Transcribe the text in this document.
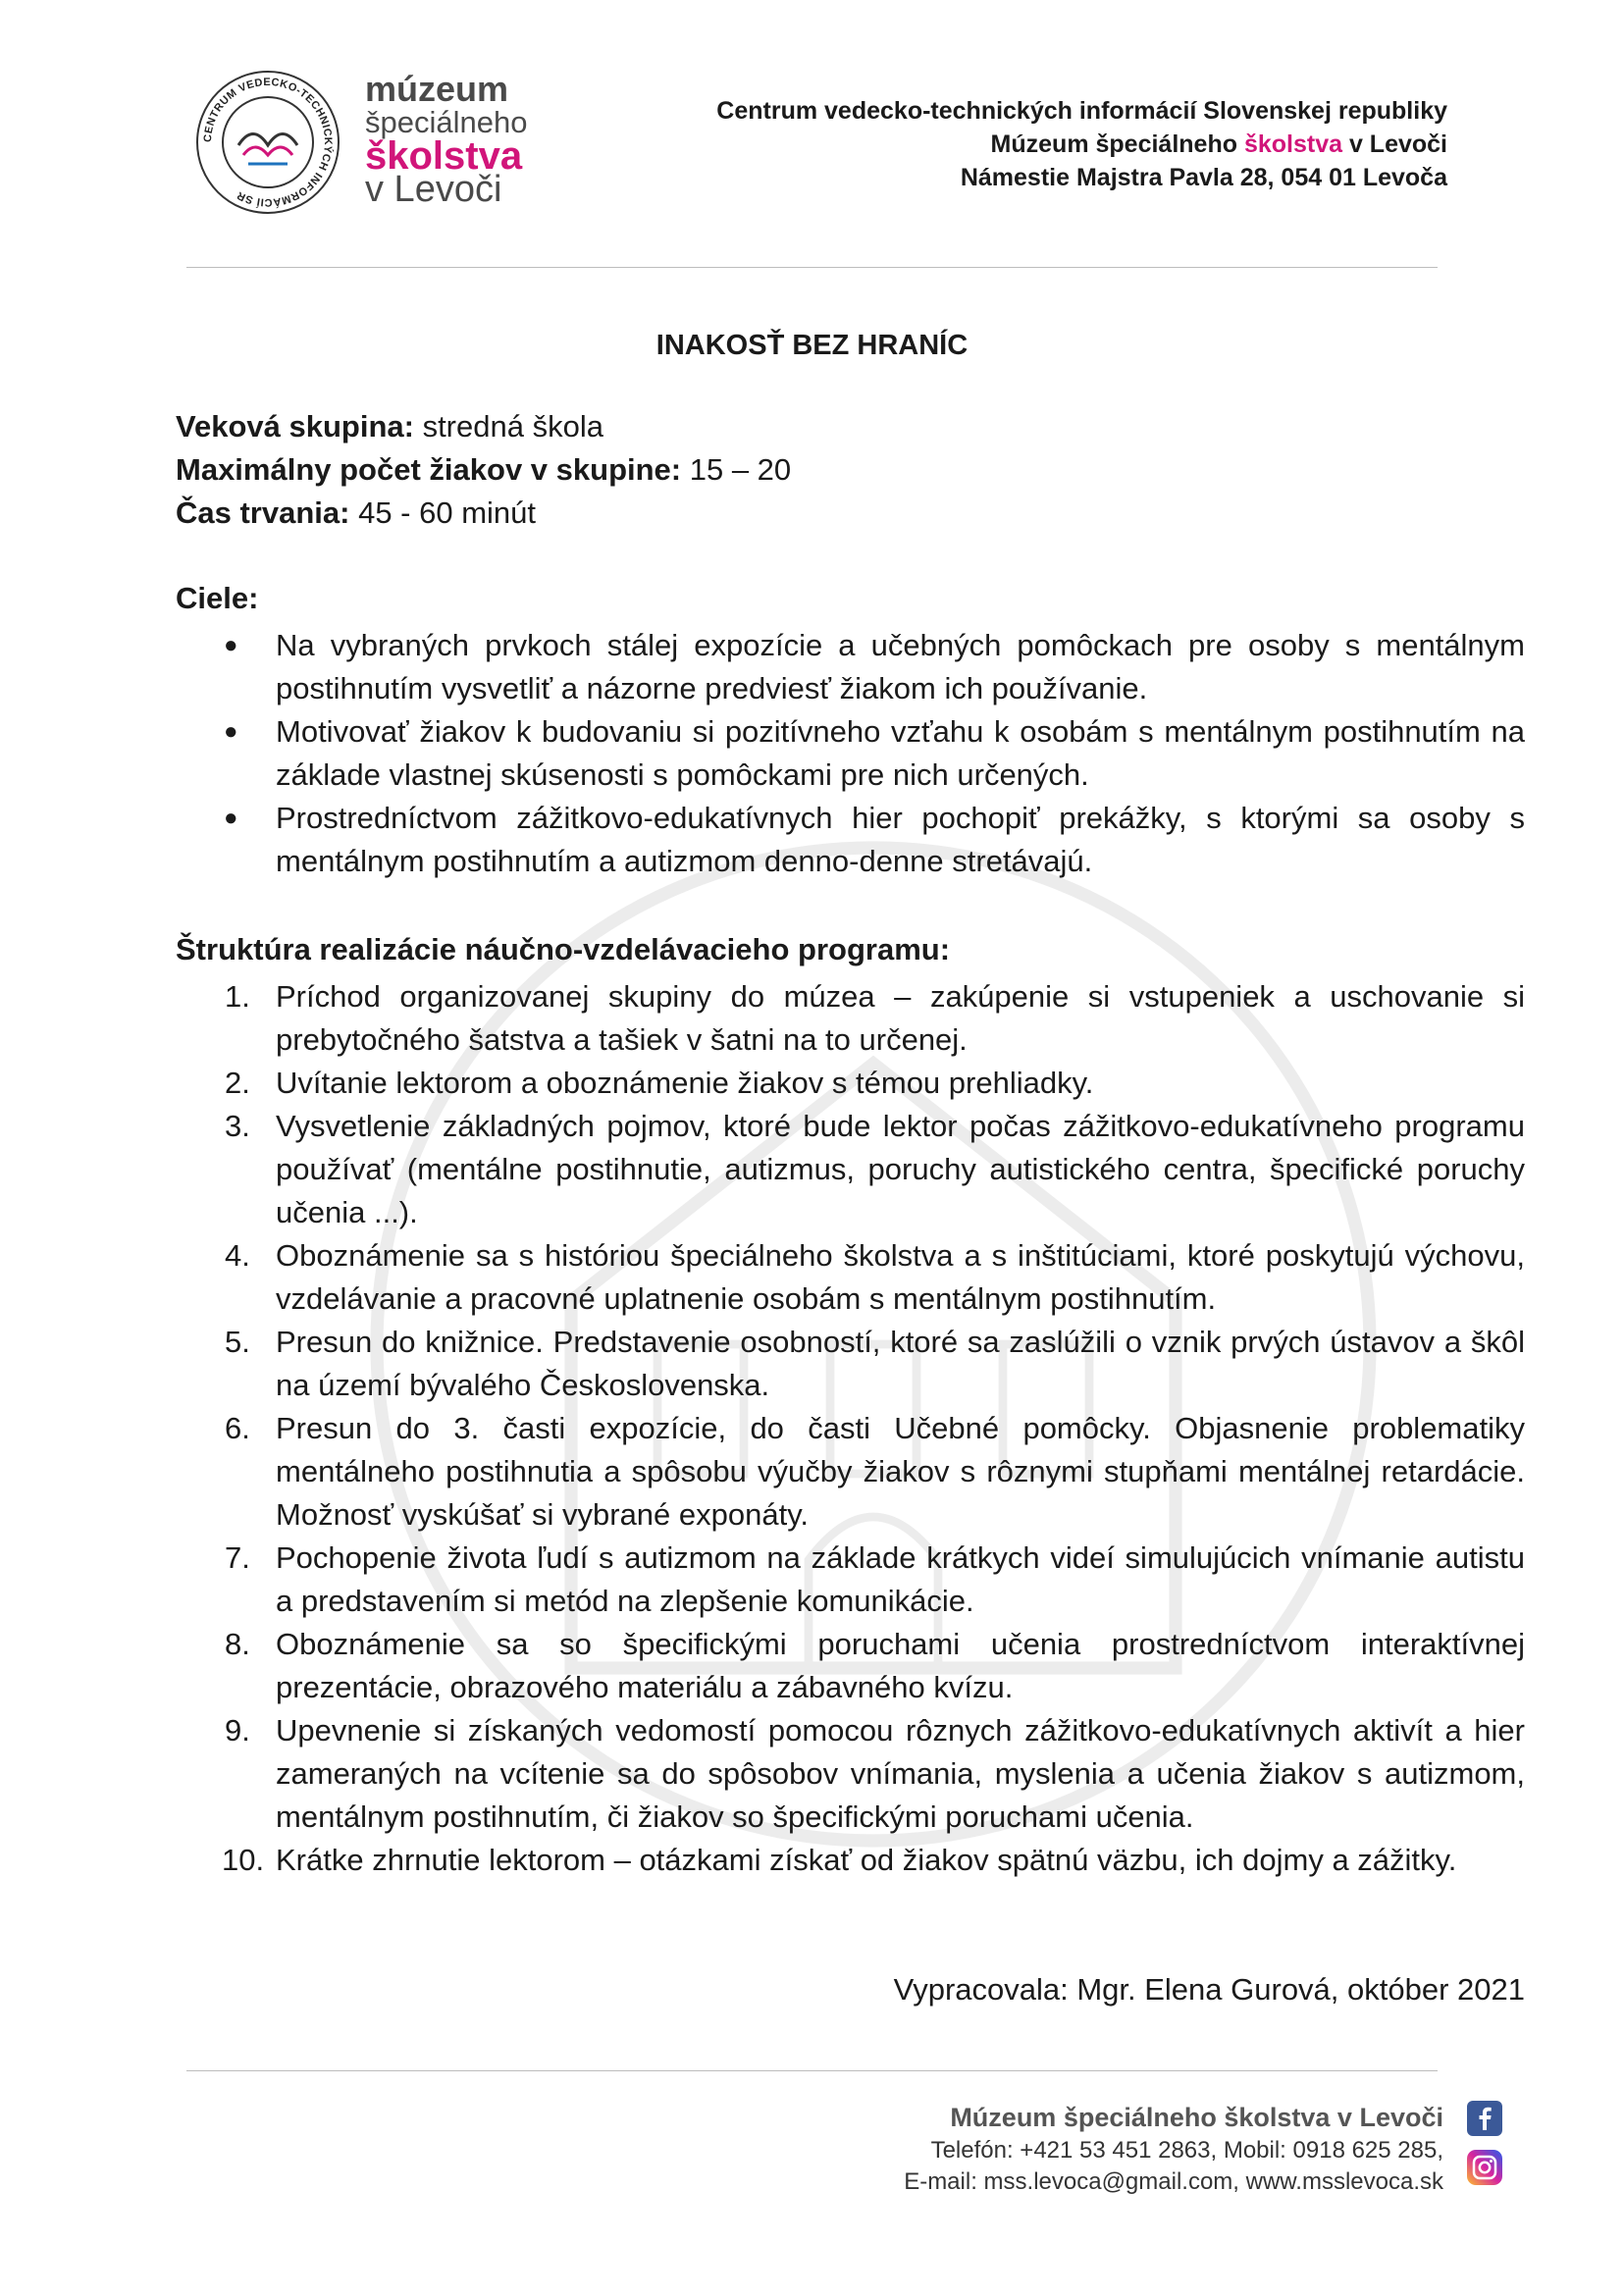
CENTRUM VEDECKO-TECHNICKÝCH INFORMÁCIÍ SR
múzeum
špeciálneho
školstva
v Levoči
Centrum vedecko-technických informácií Slovenskej republiky
Múzeum špeciálneho školstva v Levoči
Námestie Majstra Pavla 28, 054 01 Levoča
INAKOSŤ BEZ HRANÍC
Veková skupina: stredná škola
Maximálny počet žiakov v skupine: 15 – 20
Čas trvania: 45 - 60 minút
Ciele:
● Na vybraných prvkoch stálej expozície a učebných pomôckach pre osoby s mentálnym postihnutím vysvetliť a názorne predviesť žiakom ich používanie.
● Motivovať žiakov k budovaniu si pozitívneho vzťahu k osobám s mentálnym postihnutím na základe vlastnej skúsenosti s pomôckami pre nich určených.
● Prostredníctvom zážitkovo-edukatívnych hier pochopiť prekážky, s ktorými sa osoby s mentálnym postihnutím a autizmom denno-denne stretávajú.
Štruktúra realizácie náučno-vzdelávacieho programu:
1. Príchod organizovanej skupiny do múzea – zakúpenie si vstupeniek a uschovanie si prebytočného šatstva a tašiek v šatni na to určenej.
2. Uvítanie lektorom a oboznámenie žiakov s témou prehliadky.
3. Vysvetlenie základných pojmov, ktoré bude lektor počas zážitkovo-edukatívneho programu používať (mentálne postihnutie, autizmus, poruchy autistického centra, špecifické poruchy učenia ...).
4. Oboznámenie sa s históriou špeciálneho školstva a s inštitúciami, ktoré poskytujú výchovu, vzdelávanie a pracovné uplatnenie osobám s mentálnym postihnutím.
5. Presun do knižnice. Predstavenie osobností, ktoré sa zaslúžili o vznik prvých ústavov a škôl na území bývalého Československa.
6. Presun do 3. časti expozície, do časti Učebné pomôcky. Objasnenie problematiky mentálneho postihnutia a spôsobu výučby žiakov s rôznymi stupňami mentálnej retardácie. Možnosť vyskúšať si vybrané exponáty.
7. Pochopenie života ľudí s autizmom na základe krátkych videí simulujúcich vnímanie autistu a predstavením si metód na zlepšenie komunikácie.
8. Oboznámenie sa so špecifickými poruchami učenia prostredníctvom interaktívnej prezentácie, obrazového materiálu a zábavného kvízu.
9. Upevnenie si získaných vedomostí pomocou rôznych zážitkovo-edukatívnych aktivít a hier zameraných na vcítenie sa do spôsobov vnímania, myslenia a učenia žiakov s autizmom, mentálnym postihnutím, či žiakov so špecifickými poruchami učenia.
10. Krátke zhrnutie lektorom – otázkami získať od žiakov spätnú väzbu, ich dojmy a zážitky.
Vypracovala: Mgr. Elena Gurová, október 2021
Múzeum špeciálneho školstva v Levoči
Telefón: +421 53 451 2863, Mobil: 0918 625 285,
E-mail: mss.levoca@gmail.com, www.msslevoca.sk
